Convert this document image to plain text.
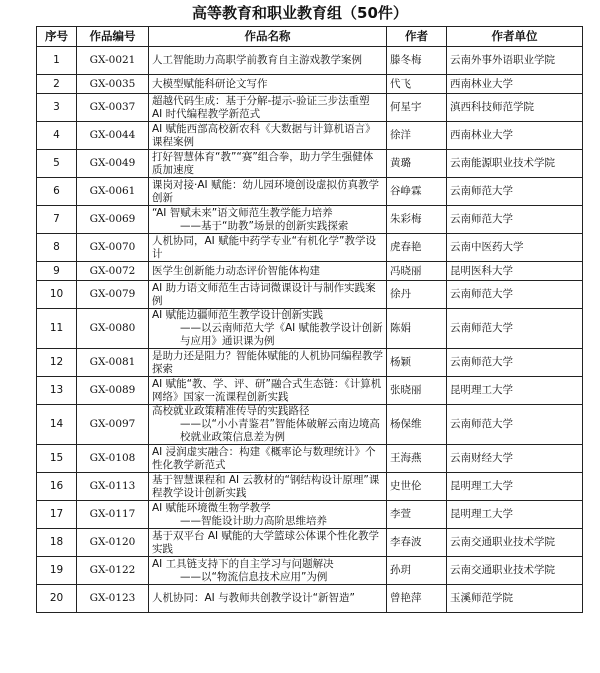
高等教育和职业教育组（50件）
序号	作品编号	作品名称	作者	作者单位
1	GX-0021	人工智能助力高职学前教育自主游戏教学案例	滕冬梅	云南外事外语职业学院
2	GX-0035	大模型赋能科研论文写作	代飞	西南林业大学
3	GX-0037	超越代码生成：基于分解-提示-验证三步法重塑 AI 时代编程教学新范式	何星宇	滇西科技师范学院
4	GX-0044	AI 赋能西部高校新农科《大数据与计算机语言》课程案例	徐洋	西南林业大学
5	GX-0049	打好智慧体育“教”“赛”组合拳，助力学生强健体质加速度	黄璐	云南能源职业技术学院
6	GX-0061	课岗对接·AI 赋能：幼儿园环境创设虚拟仿真教学创新	谷峥霖	云南师范大学
7	GX-0069	“AI 智赋未来”语文师范生教学能力培养
——基于“助教”场景的创新实践探索	朱彩梅	云南师范大学
8	GX-0070	人机协同，AI 赋能中药学专业“有机化学”教学设计	虎春艳	云南中医药大学
9	GX-0072	医学生创新能力动态评价智能体构建	冯晓丽	昆明医科大学
10	GX-0079	AI 助力语文师范生古诗词微课设计与制作实践案例	徐丹	云南师范大学
11	GX-0080	AI 赋能边疆师范生教学设计创新实践
——以云南师范大学《AI 赋能教学设计创新与应用》通识课为例	陈娟	云南师范大学
12	GX-0081	是助力还是阻力？智能体赋能的人机协同编程教学探索	杨颖	云南师范大学
13	GX-0089	AI 赋能“教、学、评、研”融合式生态链：《计算机网络》国家一流课程创新实践	张晓丽	昆明理工大学
14	GX-0097	高校就业政策精准传导的实践路径
——以“小小青鉴君”智能体破解云南边境高校就业政策信息差为例	杨保维	云南师范大学
15	GX-0108	AI 浸润虚实融合：构建《概率论与数理统计》个性化教学新范式	王海燕	云南财经大学
16	GX-0113	基于智慧课程和 AI 云教材的“钢结构设计原理”课程教学设计创新实践	史世伦	昆明理工大学
17	GX-0117	AI 赋能环境微生物学教学
——智能设计助力高阶思维培养	李萱	昆明理工大学
18	GX-0120	基于双平台 AI 赋能的大学篮球公体课个性化教学实践	李春波	云南交通职业技术学院
19	GX-0122	AI 工具链支持下的自主学习与问题解决
——以“物流信息技术应用”为例	孙玥	云南交通职业技术学院
20	GX-0123	人机协同：AI 与教师共创教学设计“新智造”	曾艳萍	玉溪师范学院
